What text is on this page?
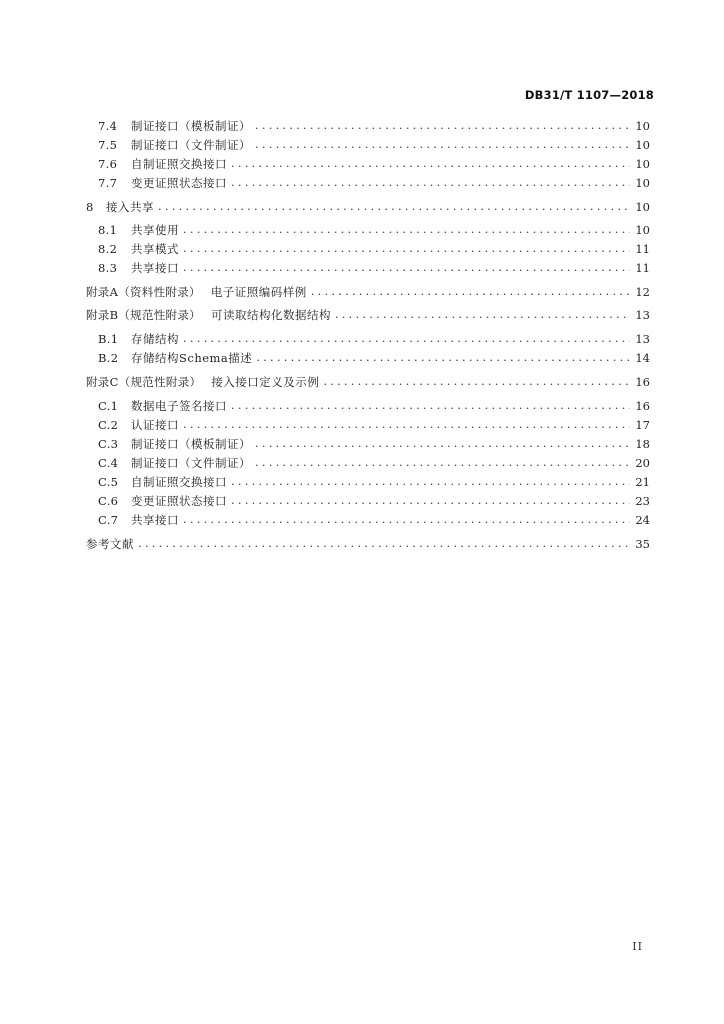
DB31/T 1107—2018
7.4	制证接口（模板制证） .....	10
7.5	制证接口（文件制证） .....	10
7.6	自制证照交换接口 .....	10
7.7	变更证照状态接口 .....	10
8	接入共享 .....	10
8.1	共享使用 .....	10
8.2	共享模式 .....	11
8.3	共享接口 .....	11
附录A（资料性附录） 电子证照编码样例 .....	12
附录B（规范性附录） 可读取结构化数据结构 .....	13
B.1	存储结构 .....	13
B.2	存储结构Schema描述 .....	14
附录C（规范性附录） 接入接口定义及示例 .....	16
C.1	数据电子签名接口 .....	16
C.2	认证接口 .....	17
C.3	制证接口（模板制证） .....	18
C.4	制证接口（文件制证） .....	20
C.5	自制证照交换接口 .....	21
C.6	变更证照状态接口 .....	23
C.7	共享接口 .....	24
参考文献 .....	35
II
